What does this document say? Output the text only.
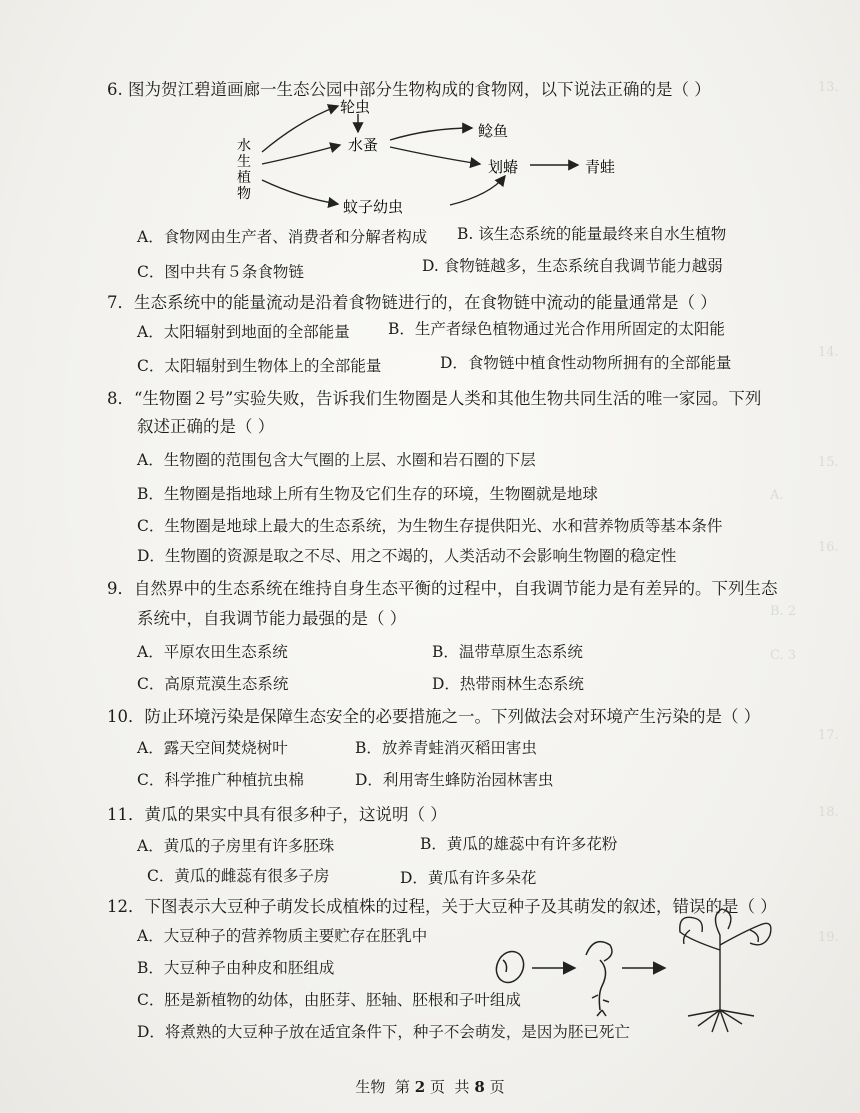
13.
14.
15.
16.
17.
18.
19.
A.
B. 2
C. 3
6. 图为贺江碧道画廊一生态公园中部分生物构成的食物网，以下说法正确的是（ ）
水
生
植
物
轮虫
水蚤
鲶鱼
划蝽	青蛙
蚊子幼虫
A．食物网由生产者、消费者和分解者构成 B. 该生态系统的能量最终来自水生植物
C．图中共有５条食物链	D. 食物链越多，生态系统自我调节能力越弱
7．生态系统中的能量流动是沿着食物链进行的，在食物链中流动的能量通常是（ ）
A．太阳辐射到地面的全部能量 B．生产者绿色植物通过光合作用所固定的太阳能
C．太阳辐射到生物体上的全部能量	D．食物链中植食性动物所拥有的全部能量
8．“生物圈２号”实验失败，告诉我们生物圈是人类和其他生物共同生活的唯一家园。下列
叙述正确的是（ ）
A．生物圈的范围包含大气圈的上层、水圈和岩石圈的下层
B．生物圈是指地球上所有生物及它们生存的环境，生物圈就是地球
C．生物圈是地球上最大的生态系统，为生物生存提供阳光、水和营养物质等基本条件
D．生物圈的资源是取之不尽、用之不竭的，人类活动不会影响生物圈的稳定性
9．自然界中的生态系统在维持自身生态平衡的过程中，自我调节能力是有差异的。下列生态
系统中，自我调节能力最强的是（ ）
A．平原农田生态系统	B．温带草原生态系统
C．高原荒漠生态系统	D．热带雨林生态系统
10．防止环境污染是保障生态安全的必要措施之一。下列做法会对环境产生污染的是（ ）
A．露天空间焚烧树叶	B．放养青蛙消灭稻田害虫
C．科学推广种植抗虫棉	D．利用寄生蜂防治园林害虫
11．黄瓜的果实中具有很多种子，这说明（ ）
A．黄瓜的子房里有许多胚珠	B．黄瓜的雄蕊中有许多花粉
C．黄瓜的雌蕊有很多子房	D．黄瓜有许多朵花
12．下图表示大豆种子萌发长成植株的过程，关于大豆种子及其萌发的叙述，错误的是（ ）
A．大豆种子的营养物质主要贮存在胚乳中
B．大豆种子由种皮和胚组成
C．胚是新植物的幼体，由胚芽、胚轴、胚根和子叶组成
D．将煮熟的大豆种子放在适宜条件下，种子不会萌发，是因为胚已死亡
生物 第 2 页 共 8 页
